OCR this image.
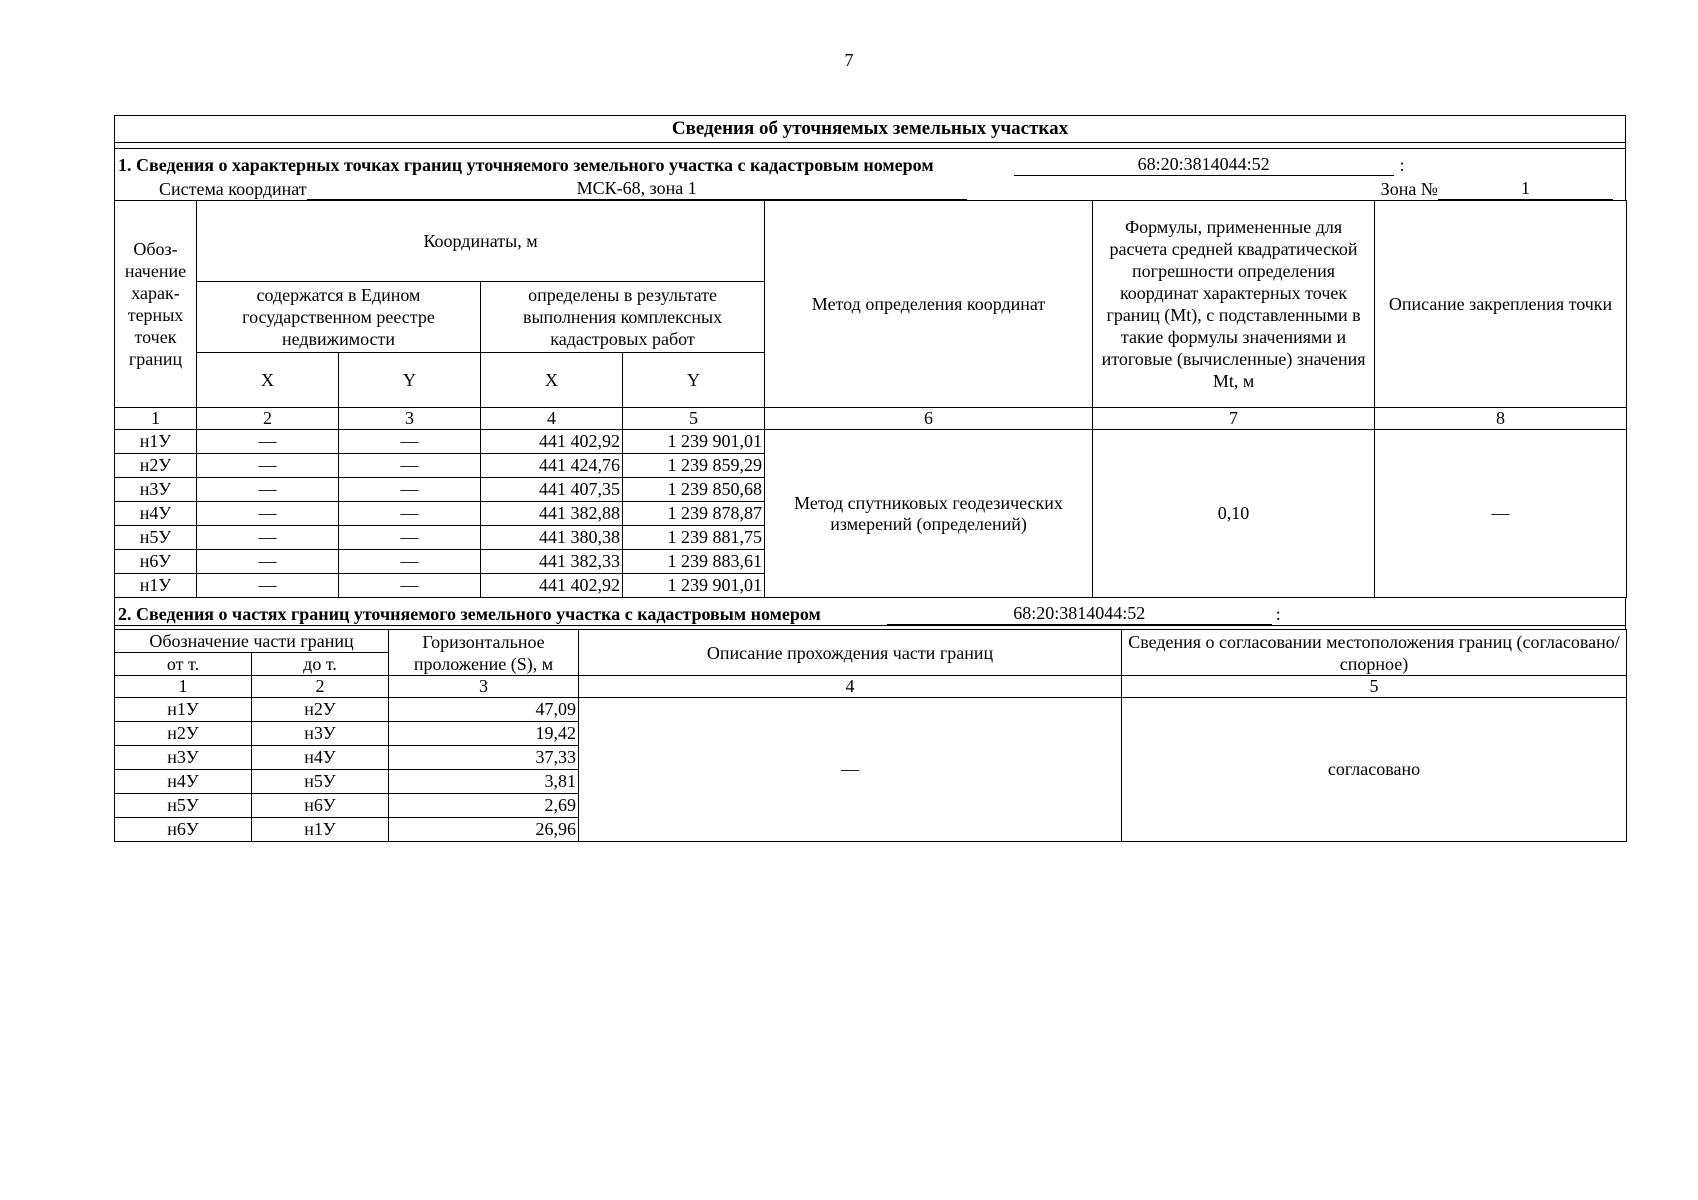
7
Сведения об уточняемых земельных участках
1. Сведения о характерных точках границ уточняемого земельного участка с кадастровым номером	68:20:3814044:52	:
Система координат	МСК-68, зона 1	Зона №	1
Обоз-начение харак-терных точек границ	Координаты, м				Метод определения координат	Формулы, примененные для расчета средней квадратической погрешности определения координат характерных точек границ (Mt), с подставленными в такие формулы значениями и итоговые (вычисленные) значения Mt, м	Описание закрепления точки
	содержатся в Едином государственном реестре недвижимости		определены в результате выполнения комплексных кадастровых работ				
	X	Y	X	Y			
1	2	3	4	5	6	7	8
н1У	—	—	441 402,92	1 239 901,01	Метод спутниковых геодезических измерений (определений)	0,10	—
н2У	—	—	441 424,76	1 239 859,29			
н3У	—	—	441 407,35	1 239 850,68			
н4У	—	—	441 382,88	1 239 878,87			
н5У	—	—	441 380,38	1 239 881,75			
н6У	—	—	441 382,33	1 239 883,61			
н1У	—	—	441 402,92	1 239 901,01			
2. Сведения о частях границ уточняемого земельного участка с кадастровым номером	68:20:3814044:52	:
Обозначение части границ		Горизонтальное проложение (S), м	Описание прохождения части границ	Сведения о согласовании местоположения границ (согласовано/спорное)
от т.	до т.			
1	2	3	4	5
н1У	н2У	47,09	—	согласовано
н2У	н3У	19,42		
н3У	н4У	37,33		
н4У	н5У	3,81		
н5У	н6У	2,69		
н6У	н1У	26,96		
